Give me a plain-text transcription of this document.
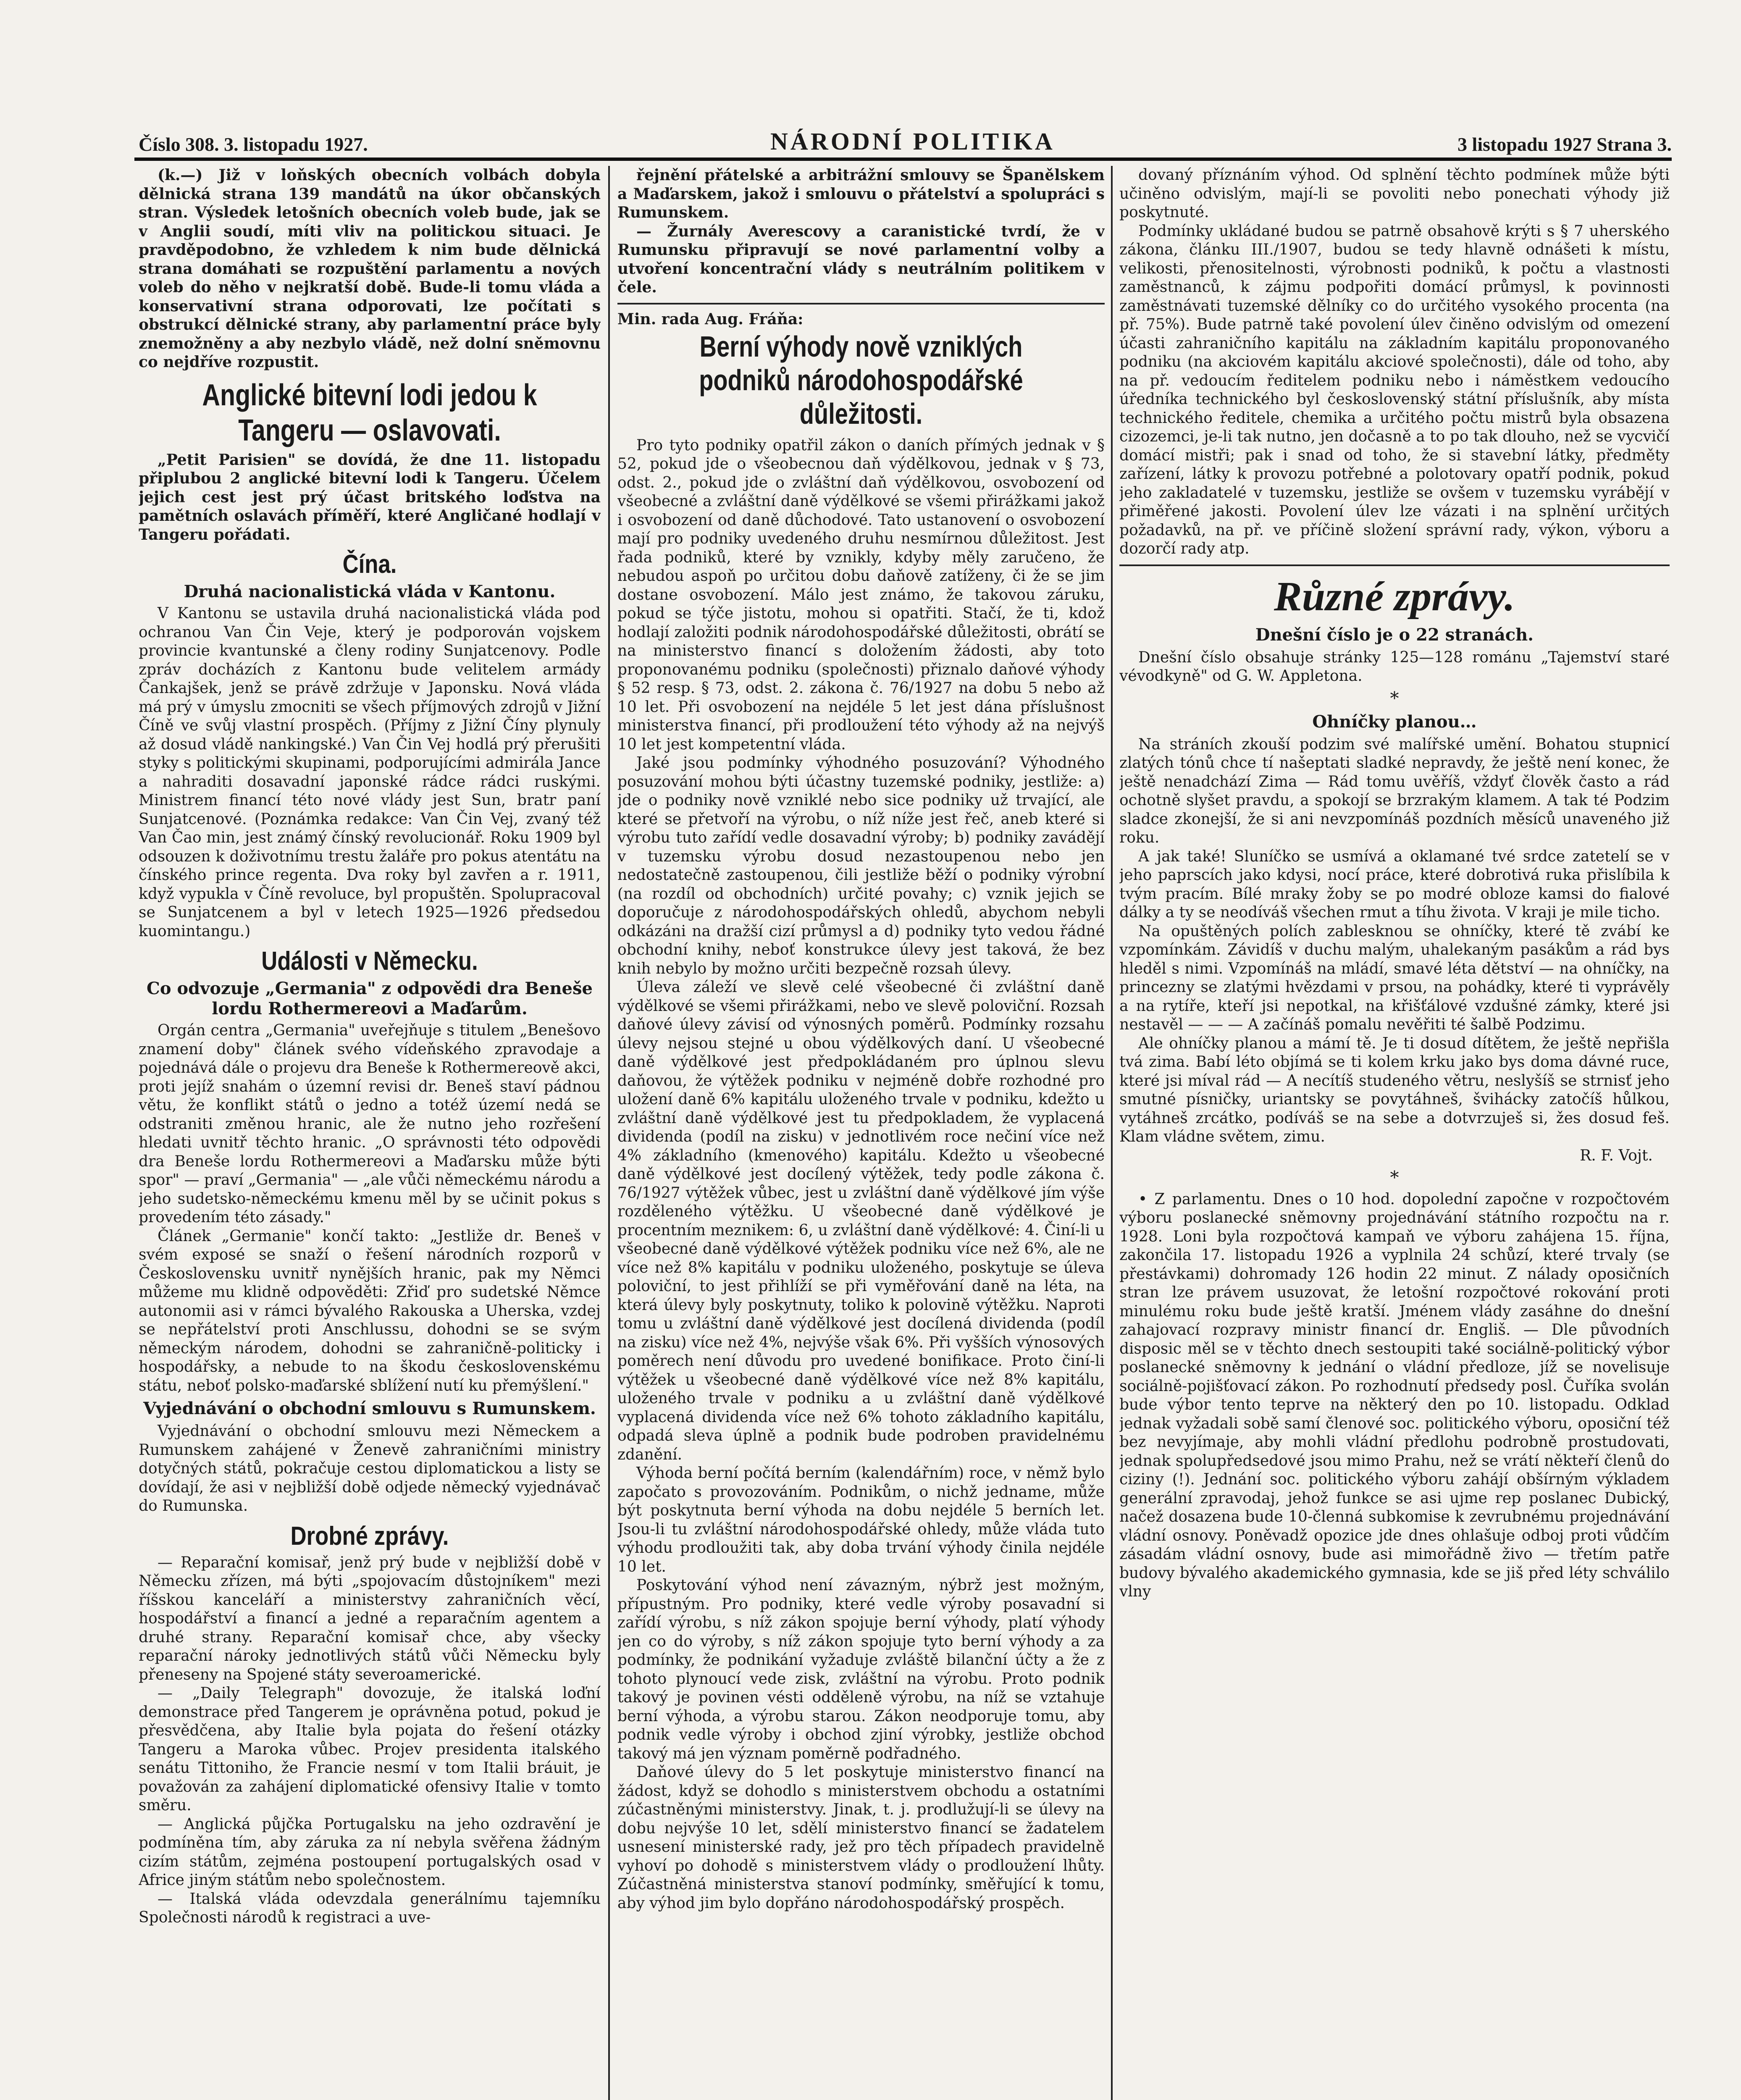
Číslo 308. 3. listopadu 1927.	NÁRODNÍ POLITIKA	3 listopadu 1927 Strana 3.

(k.—) Již v loňských obecních volbách dobyla dělnická strana 139 mandátů na úkor občanských stran. Výsledek letošních obecních voleb bude, jak se v Anglii soudí, míti vliv na politickou situaci. Je pravděpodobno, že vzhledem k nim bude dělnická strana domáhati se rozpuštění parlamentu a nových voleb do něho v nejkratší době. Bude-li tomu vláda a konservativní strana odporovati, lze počítati s obstrukcí dělnické strany, aby parlamentní práce byly znemožněny a aby nezbylo vládě, než dolní sněmovnu co nejdříve rozpustit.

Anglické bitevní lodi jedou k Tangeru — oslavovati.

„Petit Parisien" se dovídá, že dne 11. listopadu připlubou 2 anglické bitevní lodi k Tangeru. Účelem jejich cest jest prý účast britského loďstva na pamětních oslavách příměří, které Angličané hodlají v Tangeru pořádati.

Čína.
Druhá nacionalistická vláda v Kantonu.

V Kantonu se ustavila druhá nacionalistická vláda pod ochranou Van Čin Veje, který je podporován vojskem provincie kvantunské a členy rodiny Sunjatcenovy. Podle zpráv docházích z Kantonu bude velitelem armády Čankajšek, jenž se právě zdržuje v Japonsku. Nová vláda má prý v úmyslu zmocniti se všech příjmových zdrojů v Jižní Číně ve svůj vlastní prospěch. (Příjmy z Jižní Číny plynuly až dosud vládě nankingské.) Van Čin Vej hodlá prý přerušiti styky s politickými skupinami, podporujícími admirála Jance a nahraditi dosavadní japonské rádce rádci ruskými. Ministrem financí této nové vlády jest Sun, bratr paní Sunjatcenové. (Poznámka redakce: Van Čin Vej, zvaný též Van Čao min, jest známý čínský revolucionář. Roku 1909 byl odsouzen k doživotnímu trestu žaláře pro pokus atentátu na čínského prince regenta. Dva roky byl zavřen a r. 1911, když vypukla v Číně revoluce, byl propuštěn. Spolupracoval se Sunjatcenem a byl v letech 1925—1926 předsedou kuomintangu.)

Události v Německu.
Co odvozuje „Germania" z odpovědi dra Beneše lordu Rothermereovi a Maďarům.

Orgán centra „Germania" uveřejňuje s titulem „Benešovo znamení doby" článek svého vídeňského zpravodaje a pojednává dále o projevu dra Beneše k Rothermereově akci, proti jejíž snahám o územní revisi dr. Beneš staví pádnou větu, že konflikt států o jedno a totéž území nedá se odstraniti změnou hranic, ale že nutno jeho rozřešení hledati uvnitř těchto hranic. „O správnosti této odpovědi dra Beneše lordu Rothermereovi a Maďarsku může býti spor" — praví „Germania" — „ale vůči německému národu a jeho sudetsko-německému kmenu měl by se učinit pokus s provedením této zásady."

Článek „Germanie" končí takto: „Jestliže dr. Beneš v svém exposé se snaží o řešení národních rozporů v Československu uvnitř nynějších hranic, pak my Němci můžeme mu klidně odpověděti: Zřiď pro sudetské Němce autonomii asi v rámci bývalého Rakouska a Uherska, vzdej se nepřátelství proti Anschlussu, dohodni se se svým německým národem, dohodni se zahraničně-politicky i hospodářsky, a nebude to na škodu československému státu, neboť polsko-maďarské sblížení nutí ku přemýšlení."

Vyjednávání o obchodní smlouvu s Rumunskem.

Vyjednávání o obchodní smlouvu mezi Německem a Rumunskem zahájené v Ženevě zahraničními ministry dotyčných států, pokračuje cestou diplomatickou a listy se dovídají, že asi v nejbližší době odjede německý vyjednávač do Rumunska.

Drobné zprávy.

— Reparační komisař, jenž prý bude v nejbližší době v Německu zřízen, má býti „spojovacím důstojníkem" mezi říšskou kanceláří a ministerstvy zahraničních věcí, hospodářství a financí a jedné a reparačním agentem a druhé strany. Reparační komisař chce, aby všecky reparační nároky jednotlivých států vůči Německu byly přeneseny na Spojené státy severoamerické.

— „Daily Telegraph" dovozuje, že italská loďní demonstrace před Tangerem je oprávněna potud, pokud je přesvědčena, aby Italie byla pojata do řešení otázky Tangeru a Maroka vůbec. Projev presidenta italského senátu Tittoniho, že Francie nesmí v tom Italii bráuit, je považován za zahájení diplomatické ofensivy Italie v tomto směru.

— Anglická půjčka Portugalsku na jeho ozdravění je podmíněna tím, aby záruka za ní nebyla svěřena žádným cizím státům, zejména postoupení portugalských osad v Africe jiným státům nebo společnostem.

— Italská vláda odevzdala generálnímu tajemníku Společnosti národů k registraci a uve-

řejnění přátelské a arbitrážní smlouvy se Španělskem a Maďarskem, jakož i smlouvu o přátelství a spolupráci s Rumunskem.

— Žurnály Averescovy a caranistické tvrdí, že v Rumunsku připravují se nové parlamentní volby a utvoření koncentrační vlády s neutrálním politikem v čele.

Min. rada Aug. Fráňa:
Berní výhody nově vzniklých podniků národohospodářské důležitosti.

Pro tyto podniky opatřil zákon o daních přímých jednak v § 52, pokud jde o všeobecnou daň výdělkovou, jednak v § 73, odst. 2., pokud jde o zvláštní daň výdělkovou, osvobození od všeobecné a zvláštní daně výdělkové se všemi přirážkami jakož i osvobození od daně důchodové. Tato ustanovení o osvobození mají pro podniky uvedeného druhu nesmírnou důležitost. Jest řada podniků, které by vznikly, kdyby měly zaručeno, že nebudou aspoň po určitou dobu daňově zatíženy, či že se jim dostane osvobození. Málo jest známo, že takovou záruku, pokud se týče jistotu, mohou si opatřiti. Stačí, že ti, kdož hodlají založiti podnik národohospodářské důležitosti, obrátí se na ministerstvo financí s doložením žádosti, aby toto proponovanému podniku (společnosti) přiznalo daňové výhody § 52 resp. § 73, odst. 2. zákona č. 76/1927 na dobu 5 nebo až 10 let. Při osvobození na nejdéle 5 let jest dána příslušnost ministerstva financí, při prodloužení této výhody až na nejvýš 10 let jest kompetentní vláda.

Jaké jsou podmínky výhodného posuzování? Výhodného posuzování mohou býti účastny tuzemské podniky, jestliže: a) jde o podniky nově vzniklé nebo sice podniky už trvající, ale které se přetvoří na výrobu, o níž níže jest řeč, aneb které si výrobu tuto zařídí vedle dosavadní výroby; b) podniky zavádějí v tuzemsku výrobu dosud nezastoupenou nebo jen nedostatečně zastoupenou, čili jestliže běží o podniky výrobní (na rozdíl od obchodních) určité povahy; c) vznik jejich se doporučuje z národohospodářských ohledů, abychom nebyli odkázáni na dražší cizí průmysl a d) podniky tyto vedou řádné obchodní knihy, neboť konstrukce úlevy jest taková, že bez knih nebylo by možno určiti bezpečně rozsah úlevy.

Úleva záleží ve slevě celé všeobecné či zvláštní daně výdělkové se všemi přirážkami, nebo ve slevě poloviční. Rozsah daňové úlevy závisí od výnosných poměrů. Podmínky rozsahu úlevy nejsou stejné u obou výdělkových daní. U všeobecné daně výdělkové jest předpokládaném pro úplnou slevu daňovou, že výtěžek podniku v nejméně dobře rozhodné pro uložení daně 6% kapitálu uloženého trvale v podniku, kdežto u zvláštní daně výdělkové jest tu předpokladem, že vyplacená dividenda (podíl na zisku) v jednotlivém roce nečiní více než 4% základního (kmenového) kapitálu. Kdežto u všeobecné daně výdělkové jest docílený výtěžek, tedy podle zákona č. 76/1927 výtěžek vůbec, jest u zvláštní daně výdělkové jím výše rozděleného výtěžku. U všeobecné daně výdělkové je procentním meznikem: 6, u zvláštní daně výdělkové: 4. Činí-li u všeobecné daně výdělkové výtěžek podniku více než 6%, ale ne více než 8% kapitálu v podniku uloženého, poskytuje se úleva poloviční, to jest přihlíží se při vyměřování daně na léta, na která úlevy byly poskytnuty, toliko k polovině výtěžku. Naproti tomu u zvláštní daně výdělkové jest docílená dividenda (podíl na zisku) více než 4%, nejvýše však 6%. Při vyšších výnosových poměrech není důvodu pro uvedené bonifikace. Proto činí-li výtěžek u všeobecné daně výdělkové více než 8% kapitálu, uloženého trvale v podniku a u zvláštní daně výdělkové vyplacená dividenda více než 6% tohoto základního kapitálu, odpadá sleva úplně a podnik bude podroben pravidelnému zdanění.

Výhoda berní počítá berním (kalendářním) roce, v němž bylo započato s provozováním. Podnikům, o nichž jedname, může být poskytnuta berní výhoda na dobu nejdéle 5 berních let. Jsou-li tu zvláštní národohospodářské ohledy, může vláda tuto výhodu prodloužiti tak, aby doba trvání výhody činila nejdéle 10 let.

Poskytování výhod není závazným, nýbrž jest možným, přípustným. Pro podniky, které vedle výroby posavadní si zařídí výrobu, s níž zákon spojuje berní výhody, platí výhody jen co do výroby, s níž zákon spojuje tyto berní výhody a za podmínky, že podnikání vyžaduje zvláště bilanční účty a že z tohoto plynoucí vede zisk, zvláštní na výrobu. Proto podnik takový je povinen vésti odděleně výrobu, na níž se vztahuje berní výhoda, a výrobu starou. Zákon neodporuje tomu, aby podnik vedle výroby i obchod zjiní výrobky, jestliže obchod takový má jen význam poměrně podřadného.

Daňové úlevy do 5 let poskytuje ministerstvo financí na žádost, když se dohodlo s ministerstvem obchodu a ostatními zúčastněnými ministerstvy. Jinak, t. j. prodlužují-li se úlevy na dobu nejvýše 10 let, sdělí ministerstvo financí se žadatelem usnesení ministerské rady, jež pro těch případech pravidelně vyhoví po dohodě s ministerstvem vlády o prodloužení lhůty. Zúčastněná ministerstva stanoví podmínky, směřující k tomu, aby výhod jim bylo dopřáno národohospodářský prospěch.

dovaný příznáním výhod. Od splnění těchto podmínek může býti učiněno odvislým, mají-li se povoliti nebo ponechati výhody již poskytnuté.

Podmínky ukládané budou se patrně obsahově krýti s § 7 uherského zákona, článku III./1907, budou se tedy hlavně odnášeti k místu, velikosti, přenositelnosti, výrobnosti podniků, k počtu a vlastnosti zaměstnanců, k zájmu podpořiti domácí průmysl, k povinnosti zaměstnávati tuzemské dělníky co do určitého vysokého procenta (na př. 75%). Bude patrně také povolení úlev činěno odvislým od omezení účasti zahraničního kapitálu na základním kapitálu proponovaného podniku (na akciovém kapitálu akciové společnosti), dále od toho, aby na př. vedoucím ředitelem podniku nebo i náměstkem vedoucího úředníka technického byl československý státní příslušník, aby místa technického ředitele, chemika a určitého počtu mistrů byla obsazena cizozemci, je-li tak nutno, jen dočasně a to po tak dlouho, než se vycvičí domácí mistři; pak i snad od toho, že si stavební látky, předměty zařízení, látky k provozu potřebné a polotovary opatří podnik, pokud jeho zakladatelé v tuzemsku, jestliže se ovšem v tuzemsku vyrábějí v přiměřené jakosti. Povolení úlev lze vázati i na splnění určitých požadavků, na př. ve příčině složení správní rady, výkon, výboru a dozorčí rady atp.

Různé zprávy.
Dnešní číslo je o 22 stranách.

Dnešní číslo obsahuje stránky 125—128 románu „Tajemství staré vévodkyně" od G. W. Appletona.

*
Ohníčky planou…

Na stráních zkouší podzim své malířské umění. Bohatou stupnicí zlatých tónů chce tí našeptati sladké nepravdy, že ještě není konec, že ještě nenadchází Zima — Rád tomu uvěříš, vždyť člověk často a rád ochotně slyšet pravdu, a spokojí se brzrakým klamem. A tak té Podzim sladce zkonejší, že si ani nevzpomínáš pozdních měsíců unaveného již roku.

A jak také! Sluníčko se usmívá a oklamané tvé srdce zatetelí se v jeho paprscích jako kdysi, nocí práce, které dobrotivá ruka přislíbila k tvým pracím. Bílé mraky žoby se po modré obloze kamsi do fialové dálky a ty se neodíváš všechen rmut a tíhu života. V kraji je mile ticho.

Na opuštěných polích zablesknou se ohníčky, které tě zvábí ke vzpomínkám. Závidíš v duchu malým, uhalekaným pasákům a rád bys hleděl s nimi. Vzpomínáš na mládí, smavé léta dětství — na ohníčky, na princezny se zlatými hvězdami v prsou, na pohádky, které ti vyprávěly a na rytíře, kteří jsi nepotkal, na křišťálové vzdušné zámky, které jsi nestavěl — — — A začínáš pomalu nevěřiti té šalbě Podzimu.

Ale ohníčky planou a mámí tě. Je ti dosud dítětem, že ještě nepřišla tvá zima. Babí léto objímá se ti kolem krku jako bys doma dávné ruce, které jsi míval rád — A necítíš studeného větru, neslyšíš se strnisť jeho smutné písničky, uriantsky se povytáhneš, švihácky zatočíš hůlkou, vytáhneš zrcátko, podíváš se na sebe a dotvrzuješ si, žes dosud feš. Klam vládne světem, zimu.

R. F. Vojt.
*

• Z parlamentu. Dnes o 10 hod. dopolední započne v rozpočtovém výboru poslanecké sněmovny projednávání státního rozpočtu na r. 1928. Loni byla rozpočtová kampaň ve výboru zahájena 15. října, zakončila 17. listopadu 1926 a vyplnila 24 schůzí, které trvaly (se přestávkami) dohromady 126 hodin 22 minut. Z nálady oposičních stran lze právem usuzovat, že letošní rozpočtové rokování proti minulému roku bude ještě kratší. Jménem vlády zasáhne do dnešní zahajovací rozpravy ministr financí dr. Engliš. — Dle původních disposic měl se v těchto dnech sestoupiti také sociálně-politický výbor poslanecké sněmovny k jednání o vládní předloze, jíž se novelisuje sociálně-pojišťovací zákon. Po rozhodnutí předsedy posl. Čuříka svolán bude výbor tento teprve na některý den po 10. listopadu. Odklad jednak vyžadali sobě samí členové soc. politického výboru, oposiční též bez nevyjímaje, aby mohli vládní předlohu podrobně prostudovati, jednak spolupředsedové jsou mimo Prahu, než se vrátí někteří členů do ciziny (!). Jednání soc. politického výboru zahájí obšírným výkladem generální zpravodaj, jehož funkce se asi ujme rep poslanec Dubický, načež dosazena bude 10-členná subkomise k zevrubnému projednávání vládní osnovy. Poněvadž opozice jde dnes ohlašuje odboj proti vůdčím zásadám vládní osnovy, bude asi mimořádně živo — třetím patře budovy bývalého akademického gymnasia, kde se jiš před léty schválilo vlny
